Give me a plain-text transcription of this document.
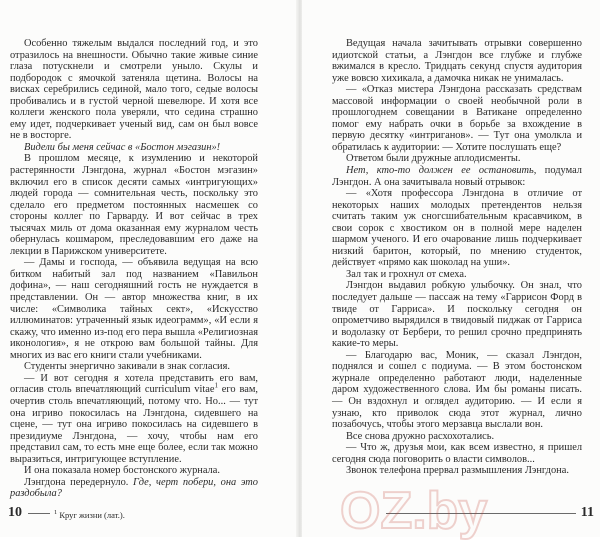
Особенно тяжелым выдался последний год, и это отразилось на внешности. Обычно такие живые синие глаза потускнели и смотрели уныло. Скулы и подбородок с ямочкой затеняла щетина. Волосы на висках серебрились сединой, мало того, седые волосы пробивались и в густой черной шевелюре. И хотя все коллеги женского пола уверяли, что седина страшно ему идет, подчеркивает ученый вид, сам он был вовсе не в восторге.

Видели бы меня сейчас в «Бостон мэгазин»!

В прошлом месяце, к изумлению и некоторой растерянности Лэнгдона, журнал «Бостон мэгазин» включил его в список десяти самых «интригующих» людей города — сомнительная честь, поскольку это сделало его предметом постоянных насмешек со стороны коллег по Гарварду. И вот сейчас в трех тысячах миль от дома оказанная ему журналом честь обернулась кошмаром, преследовавшим его даже на лекции в Парижском университете.

— Дамы и господа, — объявила ведущая на всю битком набитый зал под названием «Павильон дофина», — наш сегодняшний гость не нуждается в представлении. Он — автор множества книг, в их числе: «Символика тайных сект», «Искусство иллюминатов: утраченный язык идеограмм», «И если я скажу, что именно из-под его пера вышла «Религиозная иконология», я не открою вам большой тайны. Для многих из вас его книги стали учебниками.

Студенты энергично закивали в знак согласия.

— И вот сегодня я хотела представить его вам, огласив столь впечатляющий curriculum vitae$^1$ его вам, очертив столь впечатляющий, потому что. Но... — тут она игриво покосилась на Лэнгдона, сидевшего на сцене, — тут она игриво покосилась на сидевшего в президиуме Лэнгдона, — хочу, чтобы нам его представил сам, то есть мне еще более, если так можно выразиться, интригующее вступление.

И она показала номер бостонского журнала.

Лэнгдона передернуло. Где, черт побери, она это раздобыла?

10	$^1$ Круг жизни (лат.).

Ведущая начала зачитывать отрывки совершенно идиотской статьи, а Лэнгдон все глубже и глубже вжимался в кресло. Тридцать секунд спустя аудитория уже вовсю хихикала, а дамочка никак не унималась.

— «Отказ мистера Лэнгдона рассказать средствам массовой информации о своей необычной роли в прошлогоднем совещании в Ватикане определенно помог ему набрать очки в борьбе за вхождение в первую десятку «интриганов». — Тут она умолкла и обратилась к аудитории: — Хотите послушать еще?

Ответом были дружные аплодисменты.

Нет, кто-то должен ее остановить, подумал Лэнгдон. А она зачитывала новый отрывок:

— «Хотя профессора Лэнгдона в отличие от некоторых наших молодых претендентов нельзя считать таким уж сногсшибательным красавчиком, в свои сорок с хвостиком он в полной мере наделен шармом ученого. И его очарование лишь подчеркивает низкий баритон, который, по мнению студенток, действует «прямо как шоколад на уши».

Зал так и грохнул от смеха.

Лэнгдон выдавил робкую улыбочку. Он знал, что последует дальше — пассаж на тему «Гаррисон Форд в твиде от Гарриса». И поскольку сегодня он опрометчиво вырядился в твидовый пиджак от Гарриса и водолазку от Бербери, то решил срочно предпринять какие-то меры.

— Благодарю вас, Моник, — сказал Лэнгдон, поднялся и сошел с подиума. — В этом бостонском журнале определенно работают люди, наделенные даром художественного слова. Им бы романы писать. — Он вздохнул и оглядел аудиторию. — И если я узнаю, кто приволок сюда этот журнал, лично позабочусь, чтобы этого мерзавца выслали вон.

Все снова дружно расхохотались.

— Что ж, друзья мои, как всем известно, я пришел сегодня сюда поговорить о власти символов...

Звонок телефона прервал размышления Лэнгдона.

11
OZ.by
